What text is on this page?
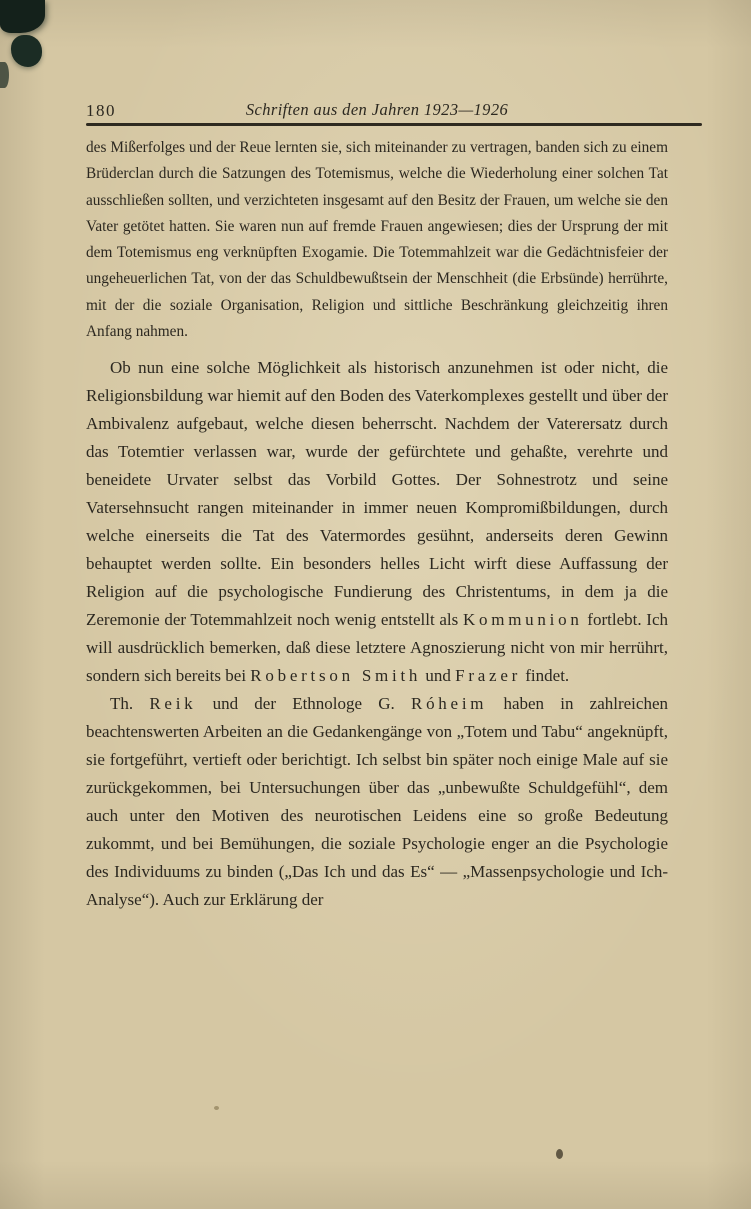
180	Schriften aus den Jahren 1923—1926

des Mißerfolges und der Reue lernten sie, sich miteinander zu vertragen, banden sich zu einem Brüderclan durch die Satzungen des Totemismus, welche die Wiederholung einer solchen Tat ausschließen sollten, und verzichteten insgesamt auf den Besitz der Frauen, um welche sie den Vater getötet hatten. Sie waren nun auf fremde Frauen angewiesen; dies der Ursprung der mit dem Totemismus eng verknüpften Exogamie. Die Totemmahlzeit war die Gedächtnisfeier der ungeheuerlichen Tat, von der das Schuldbewußtsein der Menschheit (die Erbsünde) herrührte, mit der die soziale Organisation, Religion und sittliche Beschränkung gleichzeitig ihren Anfang nahmen.

Ob nun eine solche Möglichkeit als historisch anzunehmen ist oder nicht, die Religionsbildung war hiemit auf den Boden des Vaterkomplexes gestellt und über der Ambivalenz aufgebaut, welche diesen beherrscht. Nachdem der Vaterersatz durch das Totemtier verlassen war, wurde der gefürchtete und gehaßte, verehrte und beneidete Urvater selbst das Vorbild Gottes. Der Sohnestrotz und seine Vatersehnsucht rangen miteinander in immer neuen Kompromißbildungen, durch welche einerseits die Tat des Vatermordes gesühnt, anderseits deren Gewinn behauptet werden sollte. Ein besonders helles Licht wirft diese Auffassung der Religion auf die psychologische Fundierung des Christentums, in dem ja die Zeremonie der Totemmahlzeit noch wenig entstellt als Kommunion fortlebt. Ich will ausdrücklich bemerken, daß diese letztere Agnoszierung nicht von mir herrührt, sondern sich bereits bei Robertson Smith und Frazer findet.

Th. Reik und der Ethnologe G. Róheim haben in zahlreichen beachtenswerten Arbeiten an die Gedankengänge von „Totem und Tabu“ angeknüpft, sie fortgeführt, vertieft oder berichtigt. Ich selbst bin später noch einige Male auf sie zurückgekommen, bei Untersuchungen über das „unbewußte Schuldgefühl“, dem auch unter den Motiven des neurotischen Leidens eine so große Bedeutung zukommt, und bei Bemühungen, die soziale Psychologie enger an die Psychologie des Individuums zu binden („Das Ich und das Es“ — „Massenpsychologie und Ich-Analyse“). Auch zur Erklärung der
